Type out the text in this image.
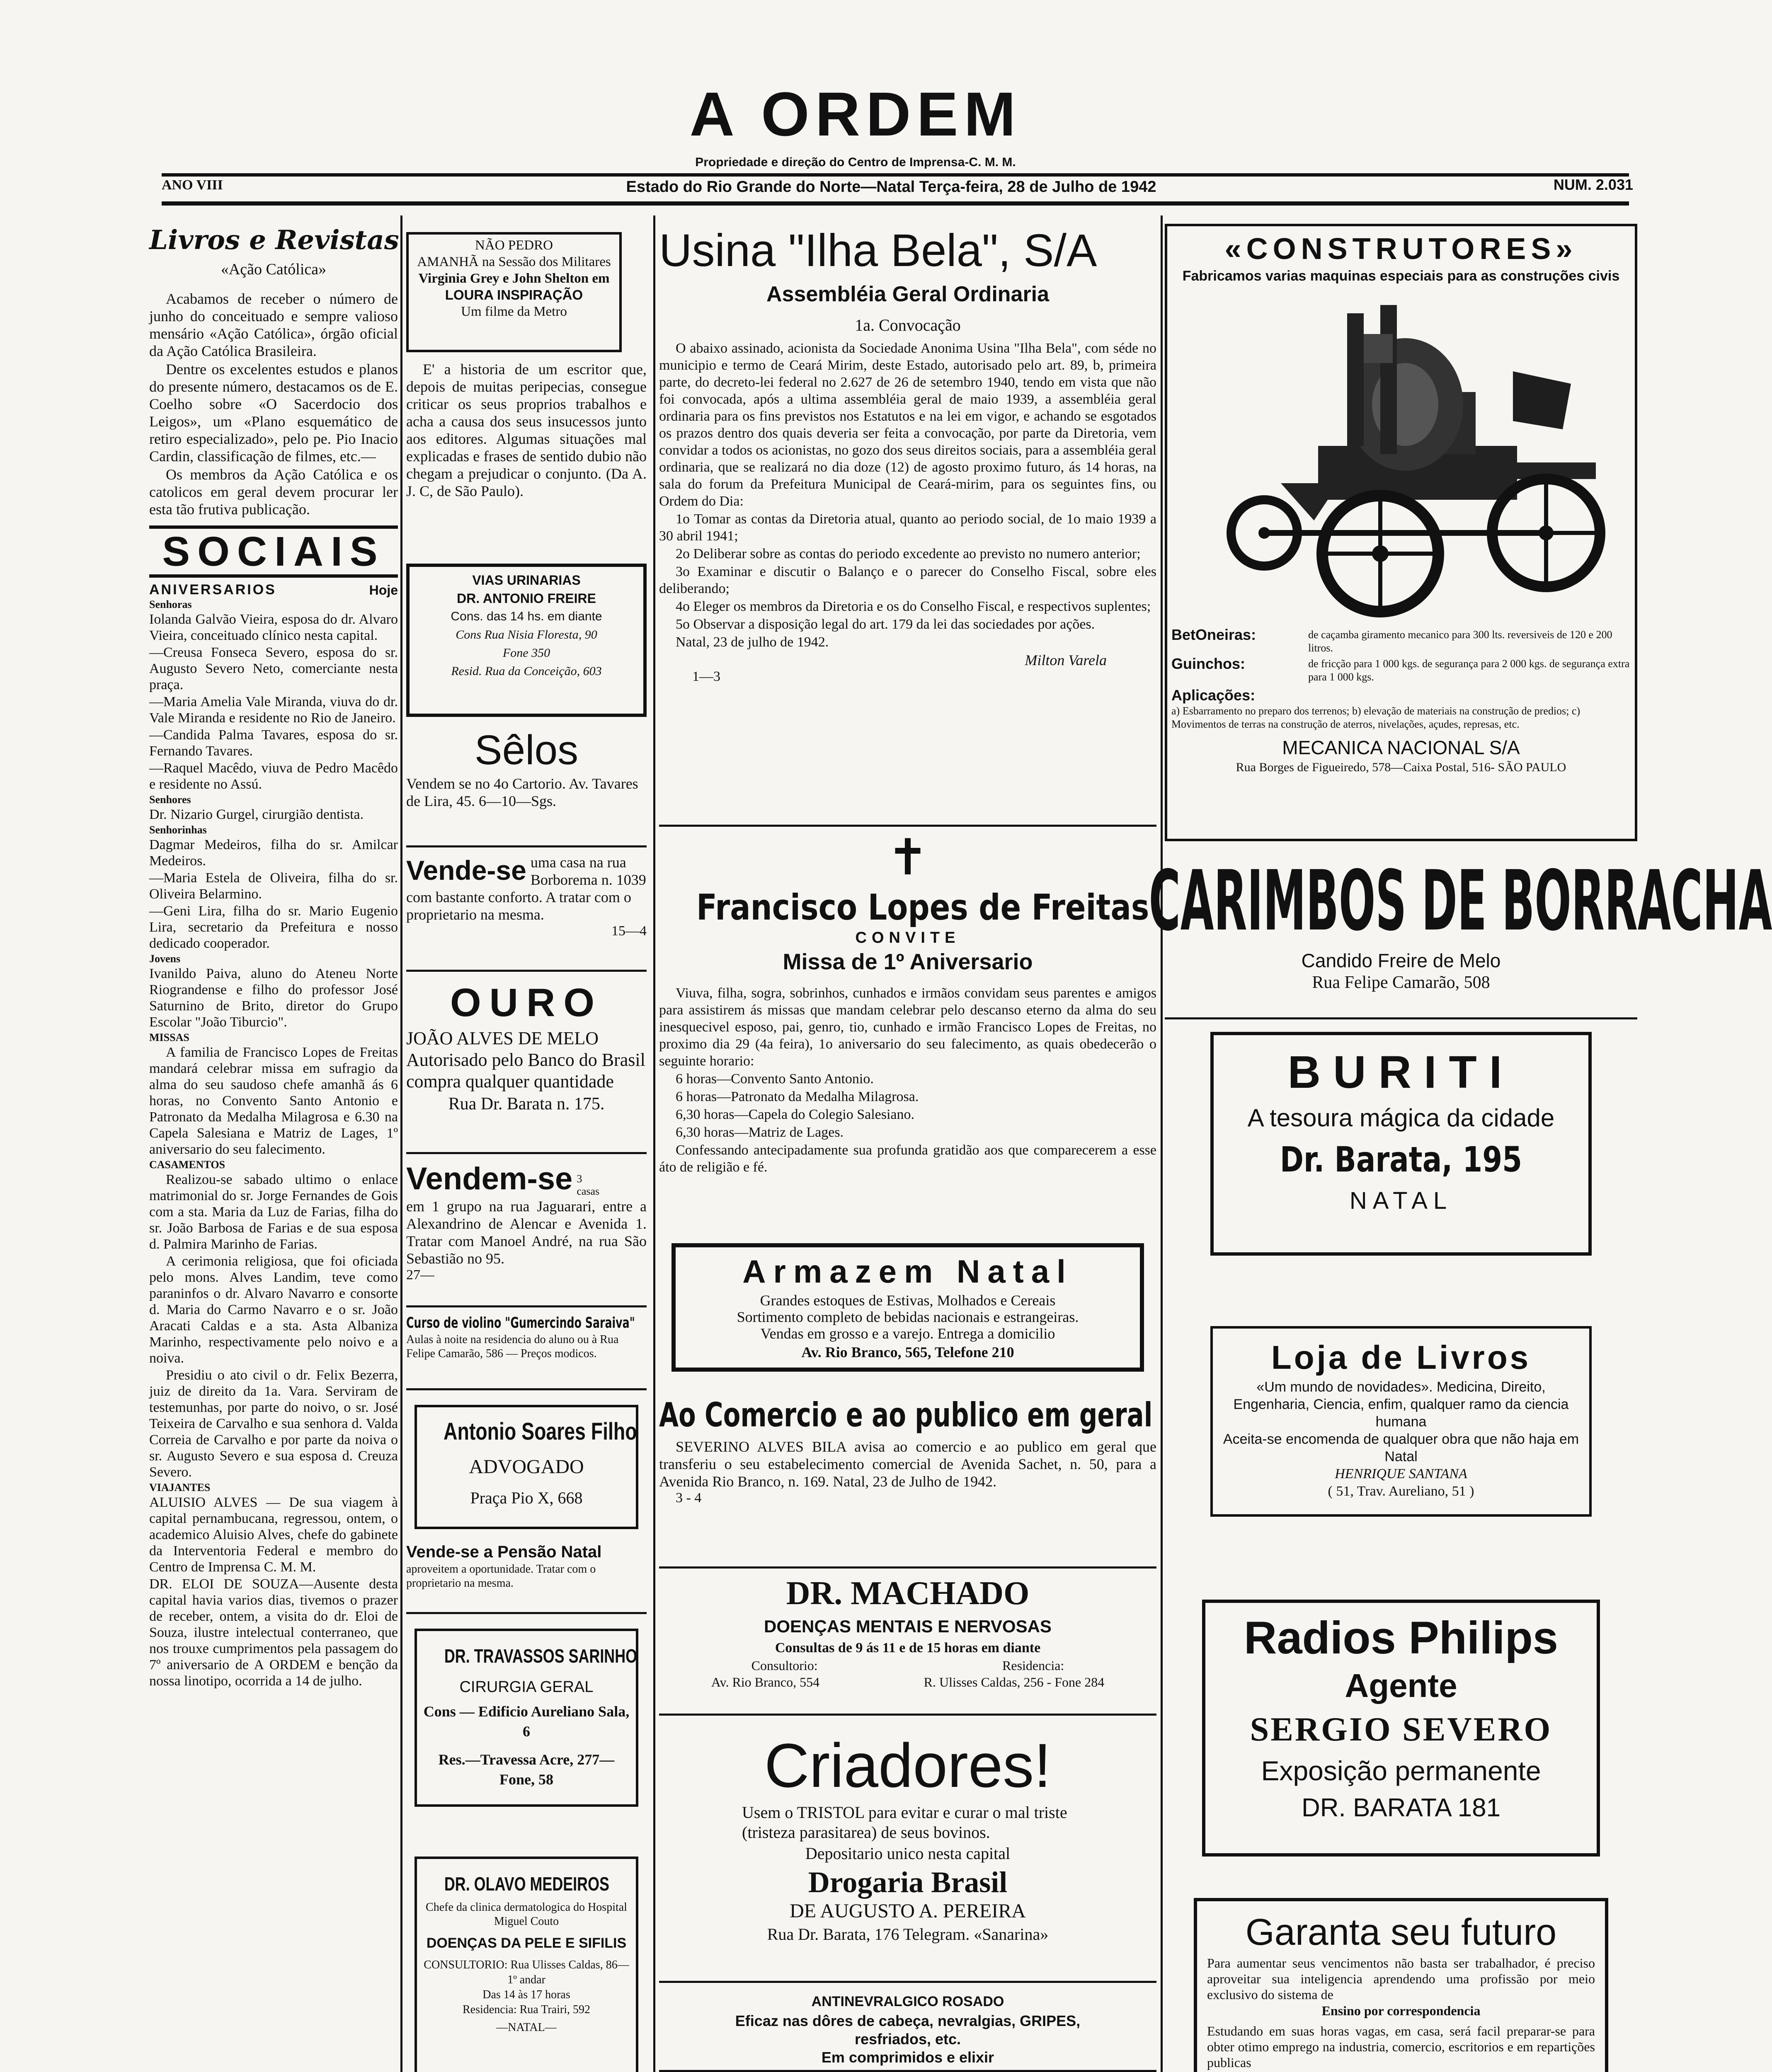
A ORDEM
Propriedade e direção do Centro de Imprensa-C. M. M.
ANO VIII	Estado do Rio Grande do Norte—Natal Terça-feira, 28 de Julho de 1942	NUM. 2.031
Livros e Revistas
«Ação Católica»

Acabamos de receber o número de junho do conceituado e sempre valioso mensário «Ação Católica», órgão oficial da Ação Católica Brasileira.

Dentre os excelentes estudos e planos do presente número, destacamos os de E. Coelho sobre «O Sacerdocio dos Leigos», um «Plano esquemático de retiro especializado», pelo pe. Pio Inacio Cardin, classificação de filmes, etc.—

Os membros da Ação Católica e os catolicos em geral devem procurar ler esta tão frutiva publicação.

SOCIAIS
ANIVERSARIOS	Hoje
Senhoras

Iolanda Galvão Vieira, esposa do dr. Alvaro Vieira, conceituado clínico nesta capital.

—Creusa Fonseca Severo, esposa do sr. Augusto Severo Neto, comerciante nesta praça.

—Maria Amelia Vale Miranda, viuva do dr. Vale Miranda e residente no Rio de Janeiro.

—Candida Palma Tavares, esposa do sr. Fernando Tavares.

—Raquel Macêdo, viuva de Pedro Macêdo e residente no Assú.

Senhores

Dr. Nizario Gurgel, cirurgião dentista.

Senhorinhas

Dagmar Medeiros, filha do sr. Amilcar Medeiros.

—Maria Estela de Oliveira, filha do sr. Oliveira Belarmino.

—Geni Lira, filha do sr. Mario Eugenio Lira, secretario da Prefeitura e nosso dedicado cooperador.

Jovens

Ivanildo Paiva, aluno do Ateneu Norte Riograndense e filho do professor José Saturnino de Brito, diretor do Grupo Escolar "João Tiburcio".

MISSAS

A familia de Francisco Lopes de Freitas mandará celebrar missa em sufragio da alma do seu saudoso chefe amanhã ás 6 horas, no Convento Santo Antonio e Patronato da Medalha Milagrosa e 6.30 na Capela Salesiana e Matriz de Lages, 1º aniversario do seu falecimento.

CASAMENTOS

Realizou-se sabado ultimo o enlace matrimonial do sr. Jorge Fernandes de Gois com a sta. Maria da Luz de Farias, filha do sr. João Barbosa de Farias e de sua esposa d. Palmira Marinho de Farias.

A cerimonia religiosa, que foi oficiada pelo mons. Alves Landim, teve como paraninfos o dr. Alvaro Navarro e consorte d. Maria do Carmo Navarro e o sr. João Aracati Caldas e a sta. Asta Albaniza Marinho, respectivamente pelo noivo e a noiva.

Presidiu o ato civil o dr. Felix Bezerra, juiz de direito da 1a. Vara. Serviram de testemunhas, por parte do noivo, o sr. José Teixeira de Carvalho e sua senhora d. Valda Correia de Carvalho e por parte da noiva o sr. Augusto Severo e sua esposa d. Creuza Severo.

VIAJANTES

ALUISIO ALVES — De sua viagem à capital pernambucana, regressou, ontem, o academico Aluisio Alves, chefe do gabinete da Interventoria Federal e membro do Centro de Imprensa C. M. M.

DR. ELOI DE SOUZA—Ausente desta capital havia varios dias, tivemos o prazer de receber, ontem, a visita do dr. Eloi de Souza, ilustre intelectual conterraneo, que nos trouxe cumprimentos pela passagem do 7º aniversario de A ORDEM e benção da nossa linotipo, ocorrida a 14 de julho.

NÃO PEDRO
AMANHÃ na Sessão dos Militares
Virginia Grey e John Shelton em
LOURA INSPIRAÇÃO
Um filme da Metro
E' a historia de um escritor que, depois de muitas peripecias, consegue criticar os seus proprios trabalhos e acha a causa dos seus insucessos junto aos editores. Algumas situações mal explicadas e frases de sentido dubio não chegam a prejudicar o conjunto. (Da A. J. C, de São Paulo).
VIAS URINARIAS
DR. ANTONIO FREIRE
Cons. das 14 hs. em diante
Cons Rua Nisia Floresta, 90
Fone 350
Resid. Rua da Conceição, 603
Sêlos
Vendem se no 4o Cartorio. Av. Tavares de Lira, 45. 6—10—Sgs.
Vende-se uma casa na rua Borborema n. 1039 com bastante conforto. A tratar com o proprietario na mesma.
15—4
OURO
JOÃO ALVES DE MELO Autorisado pelo Banco do Brasil compra qualquer quantidade
Rua Dr. Barata n. 175.
Vendem-se 3 casas
em 1 grupo na rua Jaguarari, entre a Alexandrino de Alencar e Avenida 1. Tratar com Manoel André, na rua São Sebastião no 95.
27—
Curso de violino "Gumercindo Saraiva"
Aulas à noite na residencia do aluno ou à Rua Felipe Camarão, 586 — Preços modicos.
Antonio Soares Filho
ADVOGADO
Praça Pio X, 668
Vende-se a Pensão Natal aproveitem a oportunidade. Tratar com o proprietario na mesma.
DR. TRAVASSOS SARINHO
CIRURGIA GERAL
Cons — Edificio Aureliano Sala, 6
Res.—Travessa Acre, 277—Fone, 58
DR. OLAVO MEDEIROS
Chefe da clinica dermatologica do Hospital Miguel Couto
DOENÇAS DA PELE E SIFILIS
CONSULTORIO: Rua Ulisses Caldas, 86—1º andar
Das 14 às 17 horas
Residencia: Rua Trairi, 592
—NATAL—
Usina "Ilha Bela", S/A
Assembléia Geral Ordinaria
1a. Convocação

O abaixo assinado, acionista da Sociedade Anonima Usina "Ilha Bela", com séde no municipio e termo de Ceará Mirim, deste Estado, autorisado pelo art. 89, b, primeira parte, do decreto-lei federal no 2.627 de 26 de setembro 1940, tendo em vista que não foi convocada, após a ultima assembléia geral de maio 1939, a assembléia geral ordinaria para os fins previstos nos Estatutos e na lei em vigor, e achando se esgotados os prazos dentro dos quais deveria ser feita a convocação, por parte da Diretoria, vem convidar a todos os acionistas, no gozo dos seus direitos sociais, para a assembléia geral ordinaria, que se realizará no dia doze (12) de agosto proximo futuro, ás 14 horas, na sala do forum da Prefeitura Municipal de Ceará-mirim, para os seguintes fins, ou Ordem do Dia:

1o Tomar as contas da Diretoria atual, quanto ao periodo social, de 1o maio 1939 a 30 abril 1941;

2o Deliberar sobre as contas do periodo excedente ao previsto no numero anterior;

3o Examinar e discutir o Balanço e o parecer do Conselho Fiscal, sobre eles deliberando;

4o Eleger os membros da Diretoria e os do Conselho Fiscal, e respectivos suplentes;

5o Observar a disposição legal do art. 179 da lei das sociedades por ações.

Natal, 23 de julho de 1942.

Milton Varela
1—3
✝
Francisco Lopes de Freitas
CONVITE
Missa de 1º Aniversario

Viuva, filha, sogra, sobrinhos, cunhados e irmãos convidam seus parentes e amigos para assistirem ás missas que mandam celebrar pelo descanso eterno da alma do seu inesquecivel esposo, pai, genro, tio, cunhado e irmão Francisco Lopes de Freitas, no proximo dia 29 (4a feira), 1o aniversario do seu falecimento, as quais obedecerão o seguinte horario:

6 horas—Convento Santo Antonio.

6 horas—Patronato da Medalha Milagrosa.

6,30 horas—Capela do Colegio Salesiano.

6,30 horas—Matriz de Lages.

Confessando antecipadamente sua profunda gratidão aos que comparecerem a esse áto de religião e fé.

Armazem Natal
Grandes estoques de Estivas, Molhados e Cereais
Sortimento completo de bebidas nacionais e estrangeiras.
Vendas em grosso e a varejo. Entrega a domicilio
Av. Rio Branco, 565, Telefone 210
Ao Comercio e ao publico em geral
SEVERINO ALVES BILA avisa ao comercio e ao publico em geral que transferiu o seu estabelecimento comercial de Avenida Sachet, n. 50, para a Avenida Rio Branco, n. 169. Natal, 23 de Julho de 1942.
3 - 4
DR. MACHADO
DOENÇAS MENTAIS E NERVOSAS
Consultas de 9 ás 11 e de 15 horas em diante
Consultorio:	Residencia:
Av. Rio Branco, 554	R. Ulisses Caldas, 256 - Fone 284
Criadores!
Usem o TRISTOL para evitar e curar o mal triste (tristeza parasitarea) de seus bovinos.
Depositario unico nesta capital
Drogaria Brasil
DE AUGUSTO A. PEREIRA
Rua Dr. Barata, 176 Telegram. «Sanarina»
ANTINEVRALGICO ROSADO
Eficaz nas dôres de cabeça, nevralgias, GRIPES, resfriados, etc.
Em comprimidos e elixir
«CONSTRUTORES»
Fabricamos varias maquinas especiais para as construções civis
BetOneiras:	de caçamba giramento mecanico para 300 lts. reversiveis de 120 e 200 litros.
Guinchos:	de fricção para 1 000 kgs. de segurança para 2 000 kgs. de segurança extra para 1 000 kgs.
Aplicações:
a) Esbarramento no preparo dos terrenos; b) elevação de materiais na construção de predios; c) Movimentos de terras na construção de aterros, nivelações, açudes, represas, etc.
MECANICA NACIONAL S/A
Rua Borges de Figueiredo, 578—Caixa Postal, 516- SÃO PAULO
CARIMBOS DE BORRACHA
Candido Freire de Melo
Rua Felipe Camarão, 508
BURITI
A tesoura mágica da cidade
Dr. Barata, 195
NATAL
Loja de Livros
«Um mundo de novidades». Medicina, Direito, Engenharia, Ciencia, enfim, qualquer ramo da ciencia humana
Aceita-se encomenda de qualquer obra que não haja em Natal
HENRIQUE SANTANA
( 51, Trav. Aureliano, 51 )
Radios Philips
Agente
SERGIO SEVERO
Exposição permanente
DR. BARATA 181
Garanta seu futuro
Para aumentar seus vencimentos não basta ser trabalhador, é preciso aproveitar sua inteligencia aprendendo uma profissão por meio exclusivo do sistema de
Ensino por correspondencia
Estudando em suas horas vagas, em casa, será facil preparar-se para obter otimo emprego na industria, comercio, escritorios e em repartições publicas
